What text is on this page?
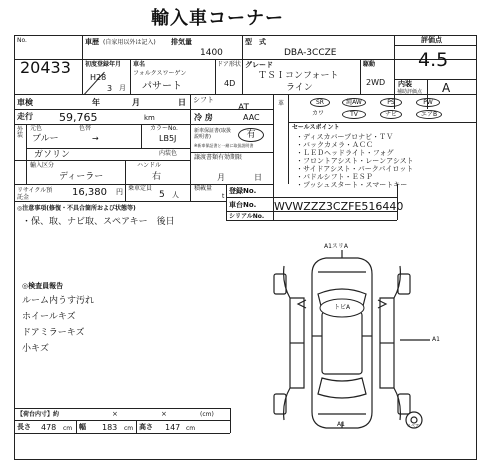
輸入車コーナー
No.
20433
車歴 (自家用以外は記入) 排気量
1400
型　式
DBA-3CCZE
評価点
4.5
初度登録年月
H28
3 月
車名
フォルクスワーゲン
パサート
ドア形状
4D
グレード
ＴＳＩコンフォート
ライン
駆動
2WD 内装
補助評価点 A
車検	年	月	日 シフト
AT
走行 59,765	km	冷 房	AAC
外装
元色	色替
ブルー	→
カラーNo.
LB5J
新車保証書(取扱説明書)	有
※新車保証書と一緒に取扱説明書
ガソリン	内装色
輸入区分	ハンドル
ディーラー	右
譲渡書類有効期限
月	日
リサイクル預託金	16,380 円 乗車定員
5 人
積載量
t
登録No.
車台No. WVWZZZ3CZFE516440
シリアルNo.
革	SR	純AW	PS	PW
カワ	TV	ナビ	エアB
セールスポイント
・ディスカバープロナビ・ＴＶ
・バックカメラ・ＡＣＣ
・ＬＥＤヘッドライト・フォグ
・フロントアシスト・レーンアシスト
・サイドアシスト・パークパイロット
・パドルシフト・ＥＳＰ
・プッシュスタート・スマートキー
◎注意事項(修復・不具合箇所および状態等)
・保、取、ナビ取、スペアキー　後日
◎検査員報告
ルーム内うす汚れ
ホイールキズ
ドアミラーキズ
小キズ
A1スリA
トビA
A1
A1	スペア
【荷台内寸】約	×	×	(cm)
長さ 478 cm 幅 183 cm 高さ 147 cm
